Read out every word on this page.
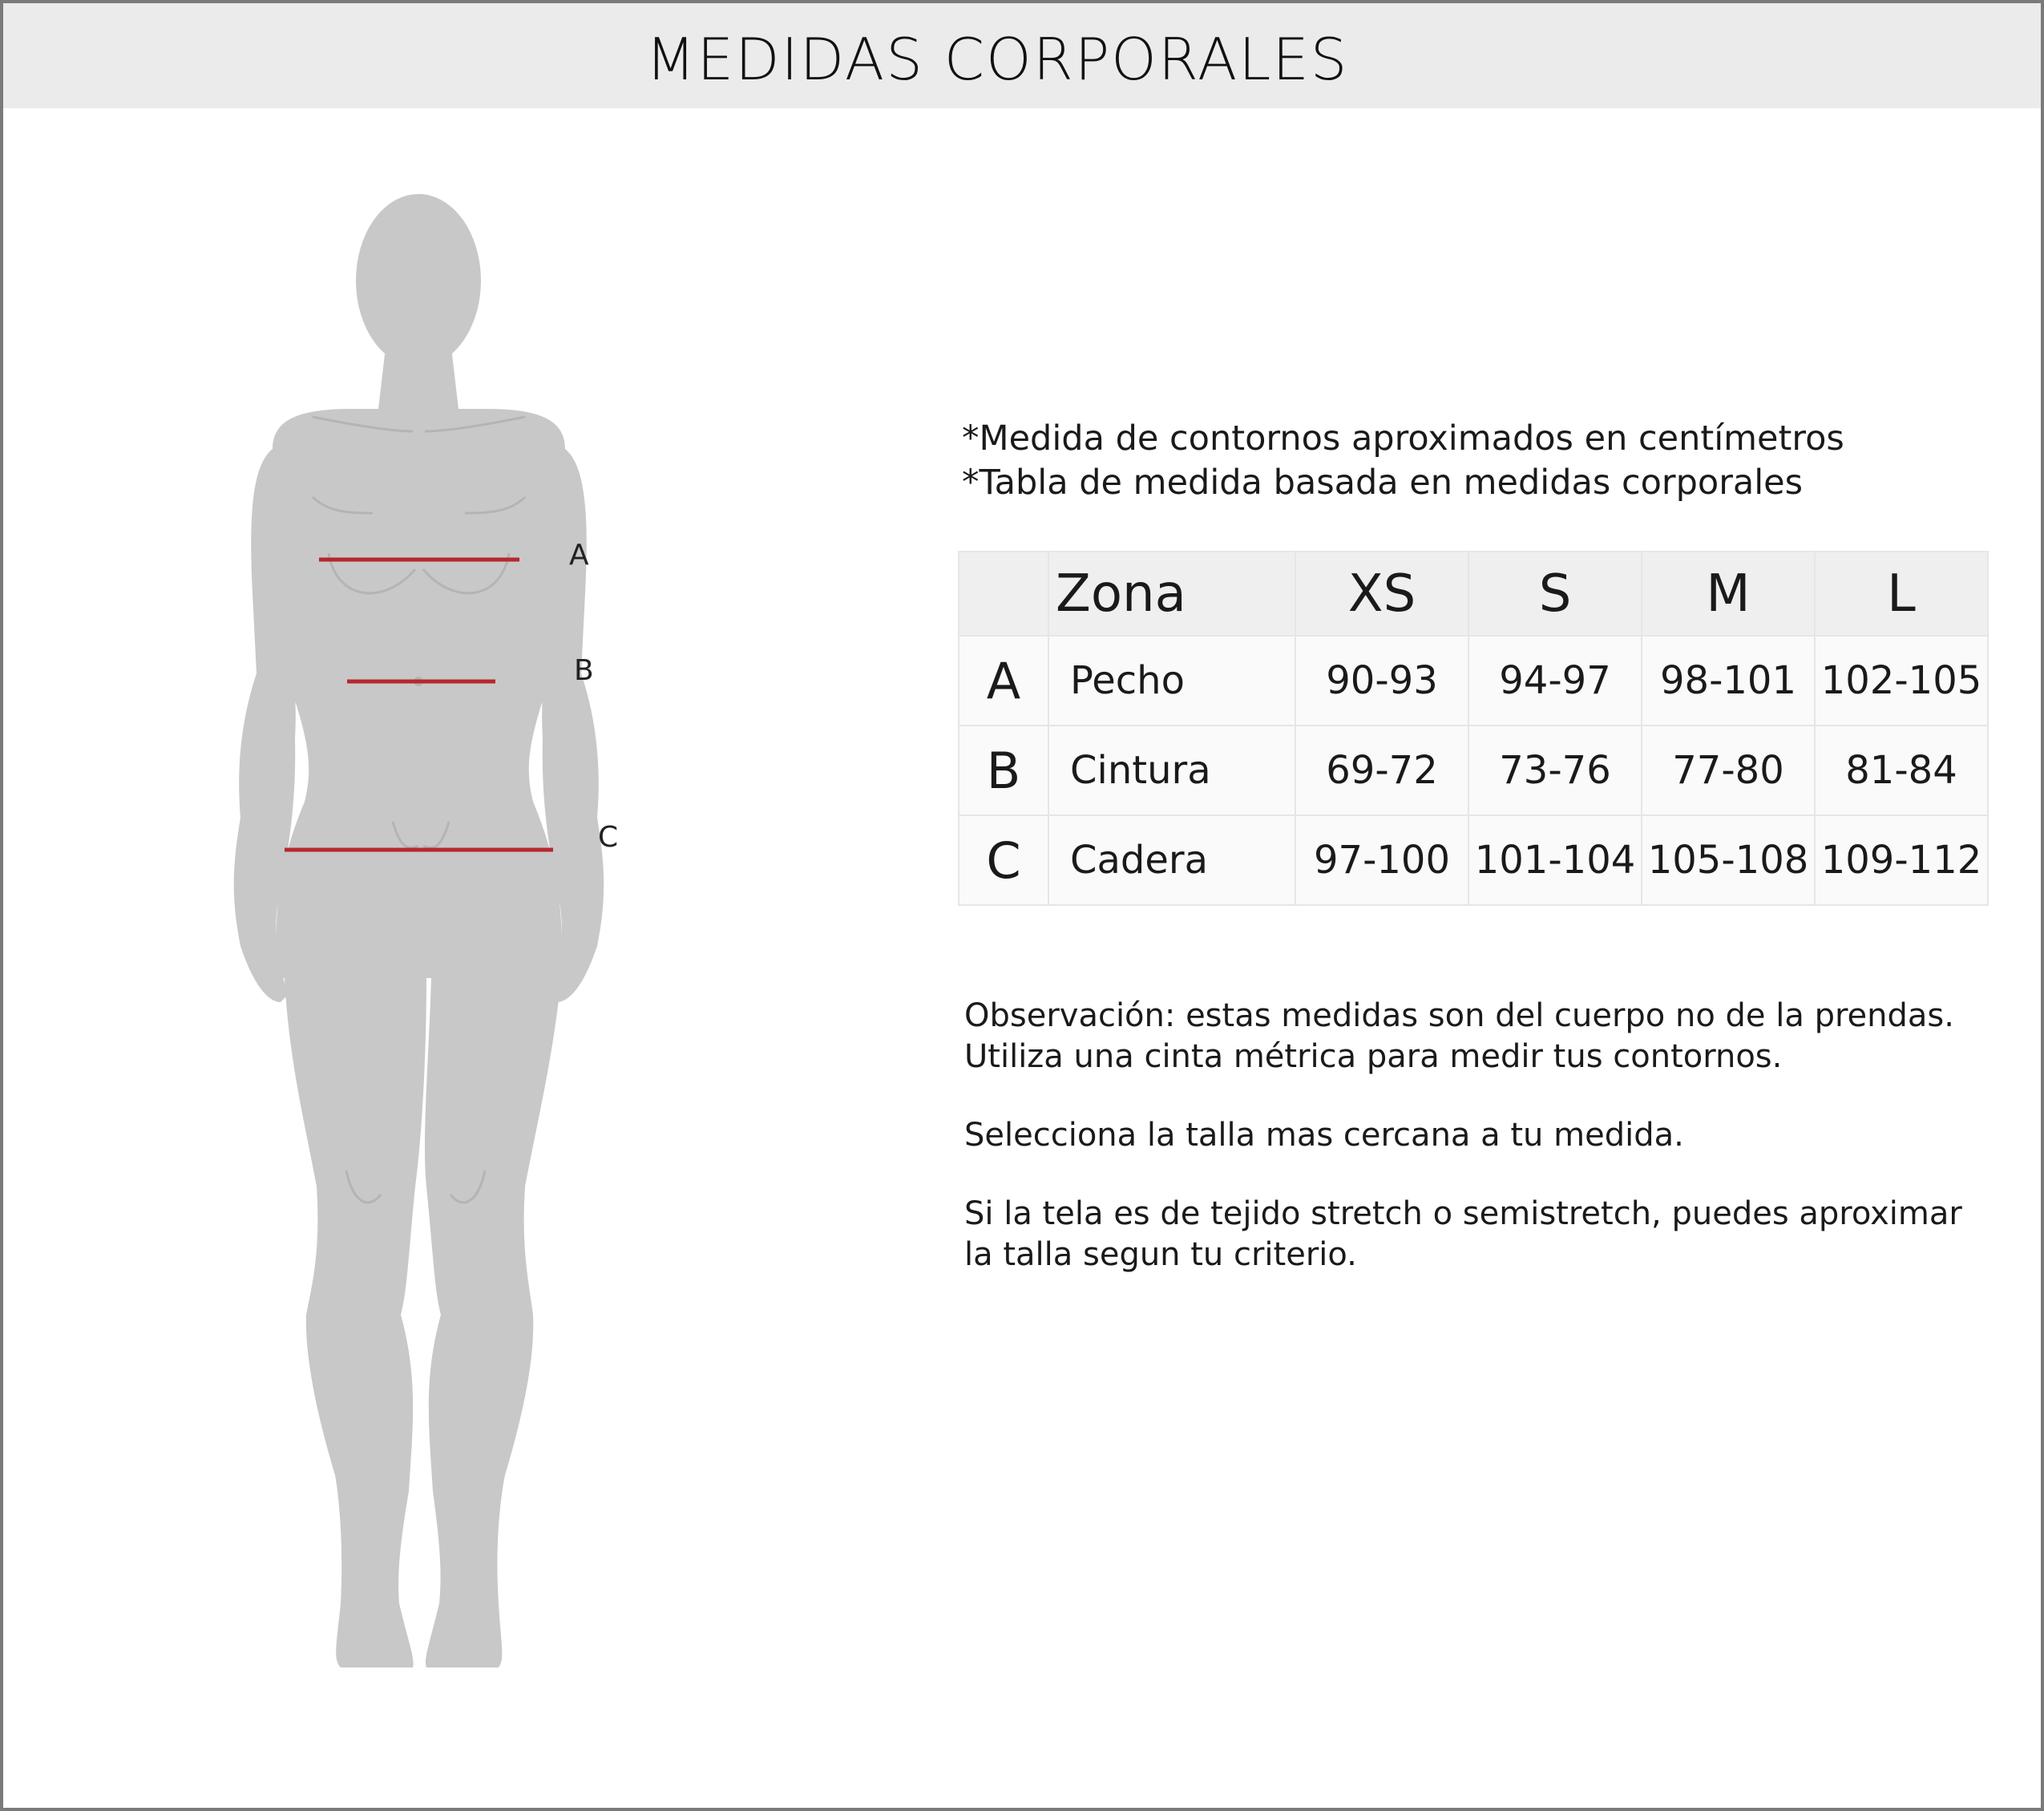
MEDIDAS CORPORALES
A
B
C
*Medida de contornos aproximados en centímetros
*Tabla de medida basada en medidas corporales
	Zona	XS	S	M	L
A	Pecho	90-93	94-97	98-101	102-105
B	Cintura	69-72	73-76	77-80	81-84
C	Cadera	97-100	101-104	105-108	109-112

Observación: estas medidas son del cuerpo no de la prendas.
Utiliza una cinta métrica para medir tus contornos.

Selecciona la talla mas cercana a tu medida.

Si la tela es de tejido stretch o semistretch, puedes aproximar
la talla segun tu criterio.
